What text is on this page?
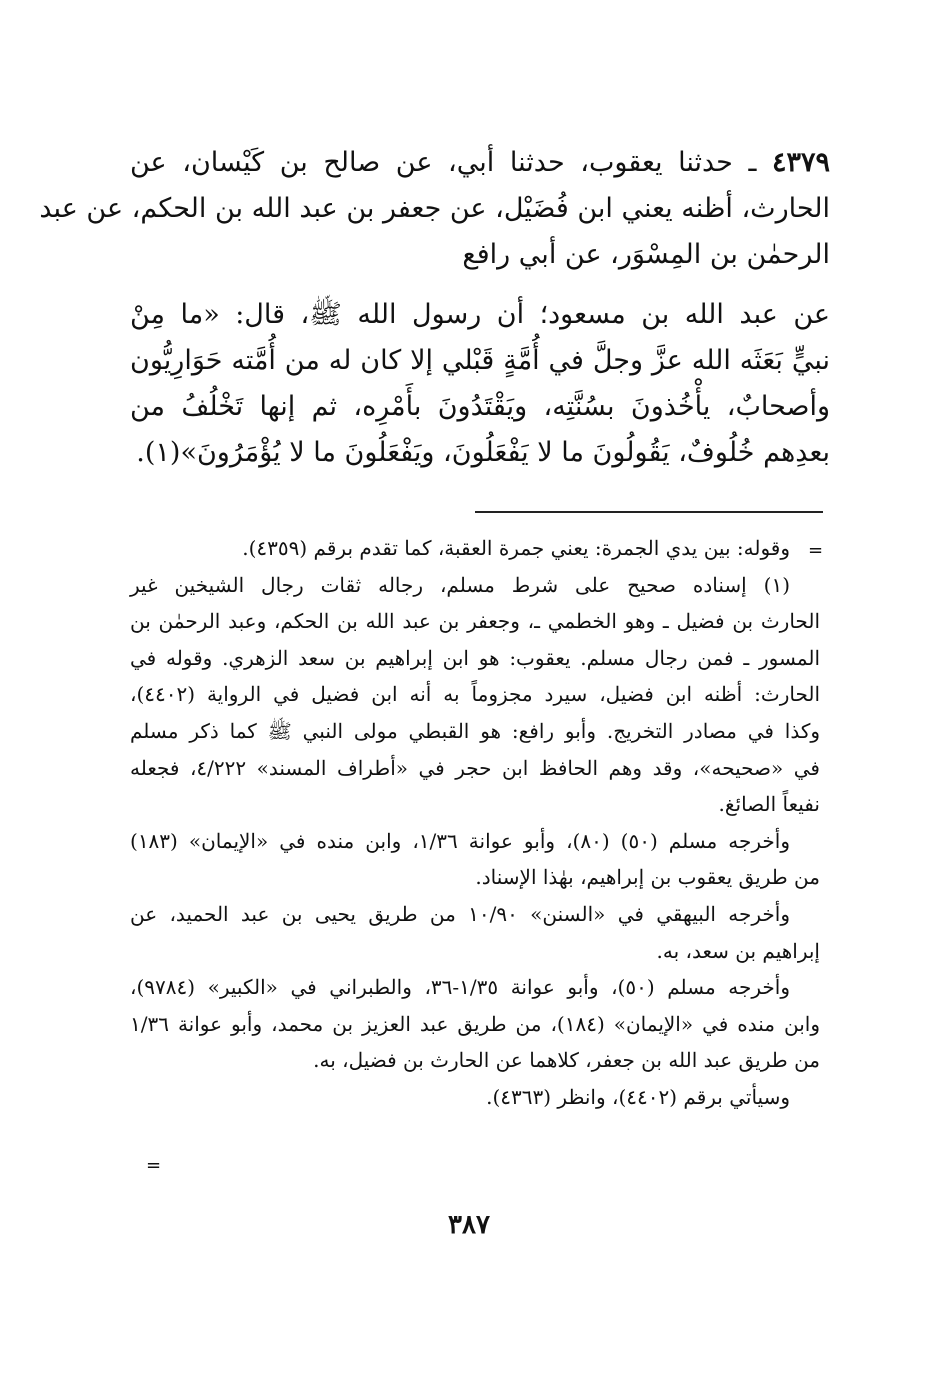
٤٣٧٩ ـ حدثنا يعقوب، حدثنا أبي، عن صالح بن كَيْسان، عن

الحارث، أظنه يعني ابن فُضَيْل، عن جعفر بن عبد الله بن الحكم، عن عبد

الرحمٰن بن المِسْوَر، عن أبي رافع

عن عبد الله بن مسعود؛ أن رسول الله ﷺ، قال: «ما مِنْ

نبيٍّ بَعَثَه الله عزَّ وجلَّ في أُمَّةٍ قَبْلي إلا كان له من أُمَّته حَوَارِيُّون

وأصحابٌ، يأْخُذونَ بسُنَّتِه، ويَقْتَدُونَ بأَمْرِه، ثم إنها تَخْلُفُ من

بعدِهم خُلُوفٌ، يَقُولُونَ ما لا يَفْعَلُونَ، ويَفْعَلُونَ ما لا يُؤْمَرُونَ»(١).

=

وقوله: بين يدي الجمرة: يعني جمرة العقبة، كما تقدم برقم (٤٣٥٩).

(١) إسناده صحيح على شرط مسلم، رجاله ثقات رجال الشيخين غير

الحارث بن فضيل ـ وهو الخطمي ـ، وجعفر بن عبد الله بن الحكم، وعبد الرحمٰن بن

المسور ـ فمن رجال مسلم. يعقوب: هو ابن إبراهيم بن سعد الزهري. وقوله في

الحارث: أظنه ابن فضيل، سيرد مجزوماً به أنه ابن فضيل في الرواية (٤٤٠٢)،

وكذا في مصادر التخريج. وأبو رافع: هو القبطي مولى النبي ﷺ كما ذكر مسلم

في «صحيحه»، وقد وهم الحافظ ابن حجر في «أطراف المسند» ٤/٢٢٢، فجعله

نفيعاً الصائغ.

وأخرجه مسلم (٥٠) (٨٠)، وأبو عوانة ١/٣٦، وابن منده في «الإيمان» (١٨٣)

من طريق يعقوب بن إبراهيم، بهٰذا الإسناد.

وأخرجه البيهقي في «السنن» ١٠/٩٠ من طريق يحيى بن عبد الحميد، عن

إبراهيم بن سعد، به.

وأخرجه مسلم (٥٠)، وأبو عوانة ١/٣٥-٣٦، والطبراني في «الكبير» (٩٧٨٤)،

وابن منده في «الإيمان» (١٨٤)، من طريق عبد العزيز بن محمد، وأبو عوانة ١/٣٦

من طريق عبد الله بن جعفر، كلاهما عن الحارث بن فضيل، به.

وسيأتي برقم (٤٤٠٢)، وانظر (٤٣٦٣).

=
٣٨٧
